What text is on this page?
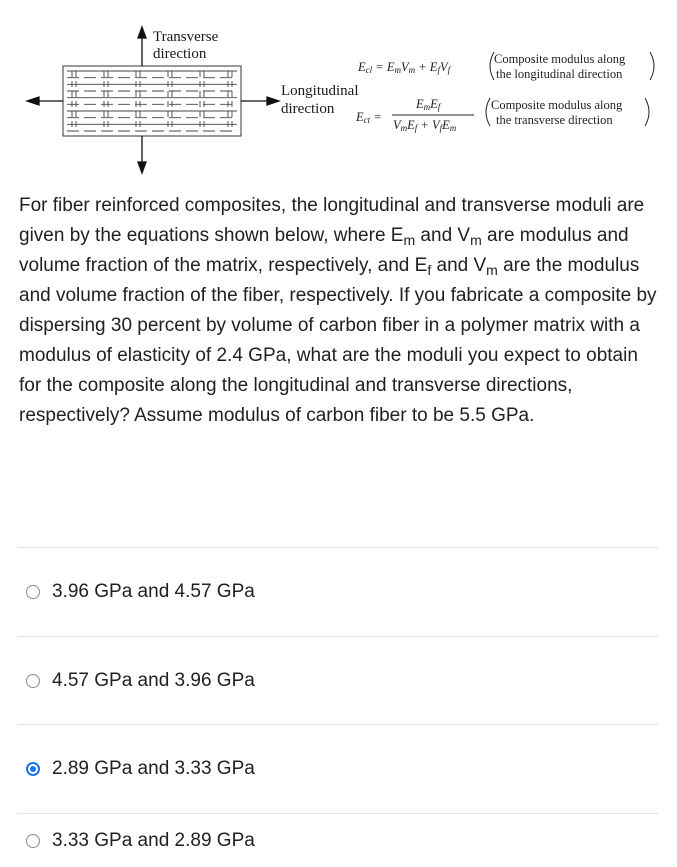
Transverse
direction
Longitudinal
direction
Ecl = EmVm + EfVf
Ect =
EmEf
VmEf + VfEm
Composite modulus along
the longitudinal direction
Composite modulus along
the transverse direction

For fiber reinforced composites, the longitudinal and transverse moduli are given by the equations shown below, where $E_m$ and $V_m$ are modulus and volume fraction of the matrix, respectively, and $E_f$ and $V_m$ are the modulus and volume fraction of the fiber, respectively. If you fabricate a composite by dispersing 30 percent by volume of carbon fiber in a polymer matrix with a modulus of elasticity of 2.4 GPa, what are the moduli you expect to obtain for the composite along the longitudinal and transverse directions, respectively? Assume modulus of carbon fiber to be 5.5 GPa.

3.96 GPa and 4.57 GPa
4.57 GPa and 3.96 GPa
2.89 GPa and 3.33 GPa
3.33 GPa and 2.89 GPa
